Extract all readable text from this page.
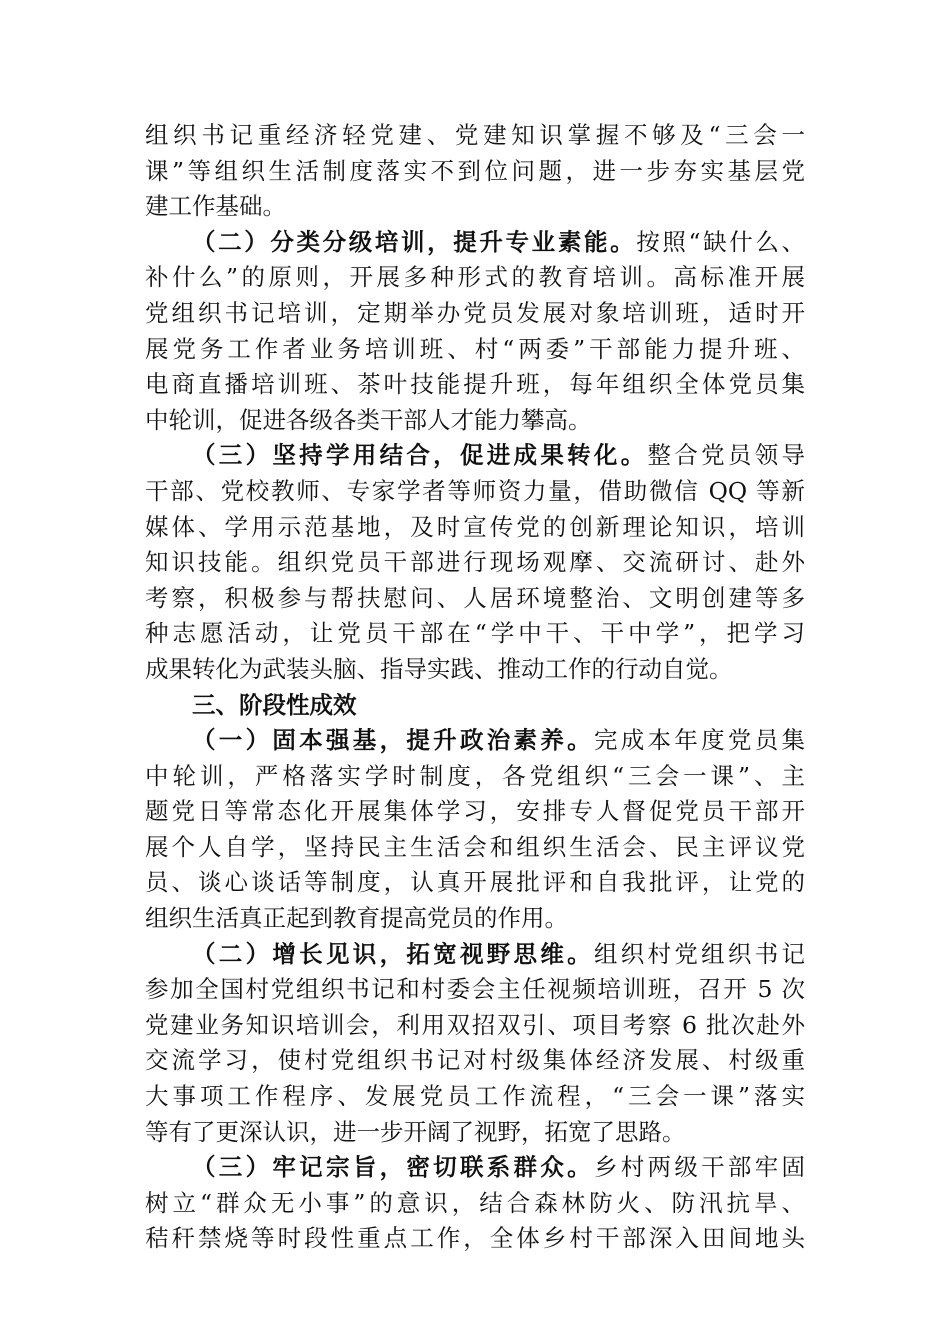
组织书记重经济轻党建、党建知识掌握不够及“三会一
课”等组织生活制度落实不到位问题，进一步夯实基层党
建工作基础。
（二）分类分级培训，提升专业素能。按照“缺什么、
补什么”的原则，开展多种形式的教育培训。高标准开展
党组织书记培训，定期举办党员发展对象培训班，适时开
展党务工作者业务培训班、村“两委”干部能力提升班、
电商直播培训班、茶叶技能提升班，每年组织全体党员集
中轮训，促进各级各类干部人才能力攀高。
（三）坚持学用结合，促进成果转化。整合党员领导
干部、党校教师、专家学者等师资力量，借助微信 QQ 等新
媒体、学用示范基地，及时宣传党的创新理论知识，培训
知识技能。组织党员干部进行现场观摩、交流研讨、赴外
考察，积极参与帮扶慰问、人居环境整治、文明创建等多
种志愿活动，让党员干部在“学中干、干中学”，把学习
成果转化为武装头脑、指导实践、推动工作的行动自觉。
三、阶段性成效
（一）固本强基，提升政治素养。完成本年度党员集
中轮训，严格落实学时制度，各党组织“三会一课”、主
题党日等常态化开展集体学习，安排专人督促党员干部开
展个人自学，坚持民主生活会和组织生活会、民主评议党
员、谈心谈话等制度，认真开展批评和自我批评，让党的
组织生活真正起到教育提高党员的作用。
（二）增长见识，拓宽视野思维。组织村党组织书记
参加全国村党组织书记和村委会主任视频培训班，召开 5 次
党建业务知识培训会，利用双招双引、项目考察 6 批次赴外
交流学习，使村党组织书记对村级集体经济发展、村级重
大事项工作程序、发展党员工作流程，“三会一课”落实
等有了更深认识，进一步开阔了视野，拓宽了思路。
（三）牢记宗旨，密切联系群众。乡村两级干部牢固
树立“群众无小事”的意识，结合森林防火、防汛抗旱、
秸秆禁烧等时段性重点工作，全体乡村干部深入田间地头
